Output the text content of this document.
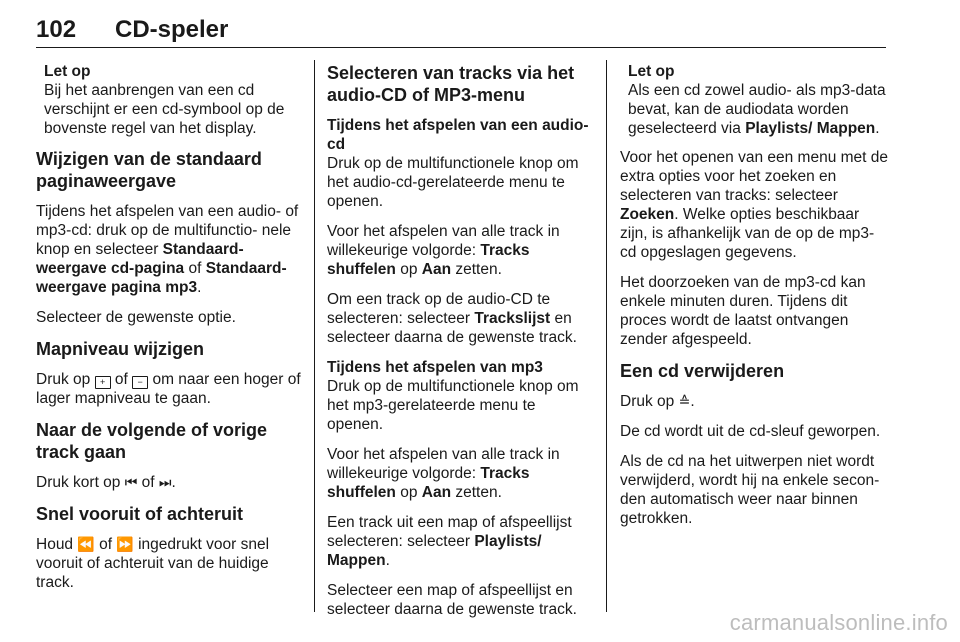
102 CD-speler
Let op
Bij het aanbrengen van een cd verschijnt er een cd-symbool op de bovenste regel van het display.
Wijzigen van de standaard paginaweergave

Tijdens het afspelen van een audio- of mp3-cd: druk op de multifunctio- nele knop en selecteer Standaard- weergave cd-pagina of Standaard- weergave pagina mp3.

Selecteer de gewenste optie.

Mapniveau wijzigen

Druk op + of − om naar een hoger of lager mapniveau te gaan.

Naar de volgende of vorige track gaan

Druk kort op ⏮ of ⏭.

Snel vooruit of achteruit

Houd ⏪ of ⏩ ingedrukt voor snel vooruit of achteruit van de huidige track.

Selecteren van tracks via het audio-CD of MP3-menu
Tijdens het afspelen van een audio-cd

Druk op de multifunctionele knop om het audio-cd-gerelateerde menu te openen.

Voor het afspelen van alle track in willekeurige volgorde: Tracks shuffelen op Aan zetten.

Om een track op de audio-CD te selecteren: selecteer Trackslijst en selecteer daarna de gewenste track.

Tijdens het afspelen van mp3

Druk op de multifunctionele knop om het mp3-gerelateerde menu te openen.

Voor het afspelen van alle track in willekeurige volgorde: Tracks shuffelen op Aan zetten.

Een track uit een map of afspeellijst selecteren: selecteer Playlists/ Mappen.

Selecteer een map of afspeellijst en selecteer daarna de gewenste track.

Let op
Als een cd zowel audio- als mp3-data bevat, kan de audiodata worden geselecteerd via Playlists/ Mappen.

Voor het openen van een menu met de extra opties voor het zoeken en selecteren van tracks: selecteer Zoeken. Welke opties beschikbaar zijn, is afhankelijk van de op de mp3-cd opgeslagen gegevens.

Het doorzoeken van de mp3-cd kan enkele minuten duren. Tijdens dit proces wordt de laatst ontvangen zender afgespeeld.

Een cd verwijderen

Druk op ≙.

De cd wordt uit de cd-sleuf geworpen.

Als de cd na het uitwerpen niet wordt verwijderd, wordt hij na enkele secon- den automatisch weer naar binnen getrokken.

carmanualsonline.info
